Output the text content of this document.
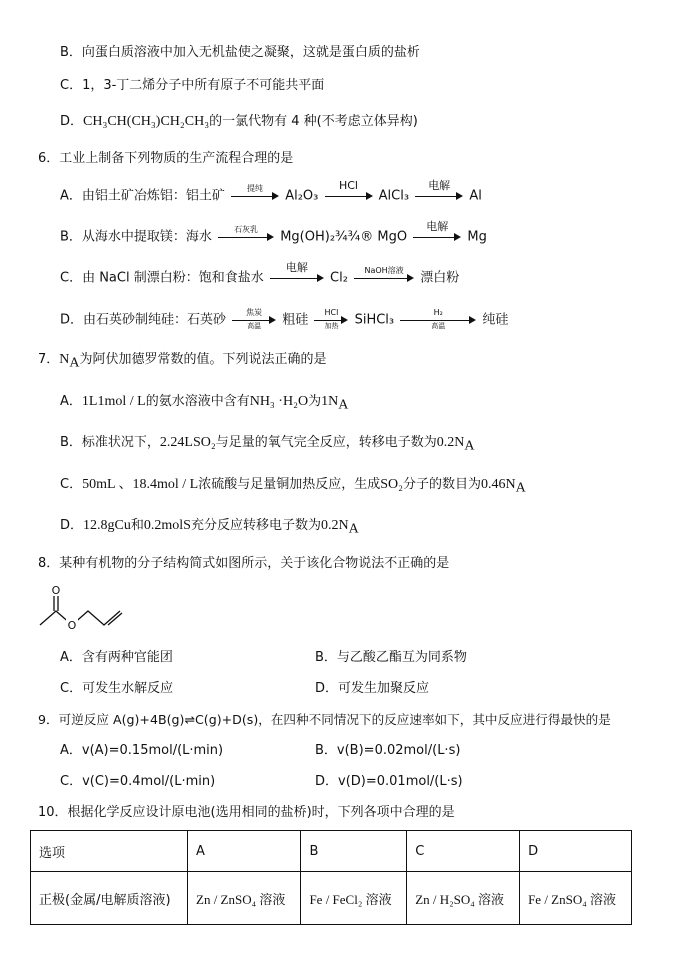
B．向蛋白质溶液中加入无机盐使之凝聚，这就是蛋白质的盐析
C．1，3-丁二烯分子中所有原子不可能共平面
D．CH₃CH(CH₃)CH₂CH₃的一氯代物有 4 种(不考虑立体异构)
6．工业上制备下列物质的生产流程合理的是
A．由铝土矿冶炼铝：铝土矿	提纯	Al₂O₃
HCl
AlCl₃
电解
Al
B．从海水中提取镁：海水	石灰乳	Mg(OH)₂¾¾® MgO
电解
Mg
C．由 NaCl 制漂白粉：饱和食盐水
电解
Cl₂	NaOH溶液	漂白粉
D．由石英砂制纯硅：石英砂	焦炭
高温	粗硅	HCl
加热	SiHCl₃	H₂
高温	纯硅
7．$N_A$为阿伏加德罗常数的值。下列说法正确的是
A．1L1mol / L的氨水溶液中含有NH₃ ·H₂O为$1N_A$
B．标准状况下，2.24LSO₂与足量的氧气完全反应，转移电子数为$0.2N_A$
C．50mL 、18.4mol / L浓硫酸与足量铜加热反应，生成SO₂分子的数目为$0.46N_A$
D．12.8gCu和0.2molS充分反应转移电子数为$0.2N_A$
8．某种有机物的分子结构简式如图所示，关于该化合物说法不正确的是
O
O
A．含有两种官能团	B．与乙酸乙酯互为同系物
C．可发生水解反应	D．可发生加聚反应
9．可逆反应 A(g)+4B(g)⇌C(g)+D(s)，在四种不同情况下的反应速率如下，其中反应进行得最快的是
A．v(A)=0.15mol/(L·min)	B．v(B)=0.02mol/(L·s)
C．v(C)=0.4mol/(L·min)	D．v(D)=0.01mol/(L·s)
10．根据化学反应设计原电池(选用相同的盐桥)时，下列各项中合理的是
选项	A	B	C	D
正极(金属/电解质溶液)	Zn / ZnSO₄ 溶液	Fe / FeCl₂ 溶液	Zn / H₂SO₄ 溶液	Fe / ZnSO₄ 溶液
